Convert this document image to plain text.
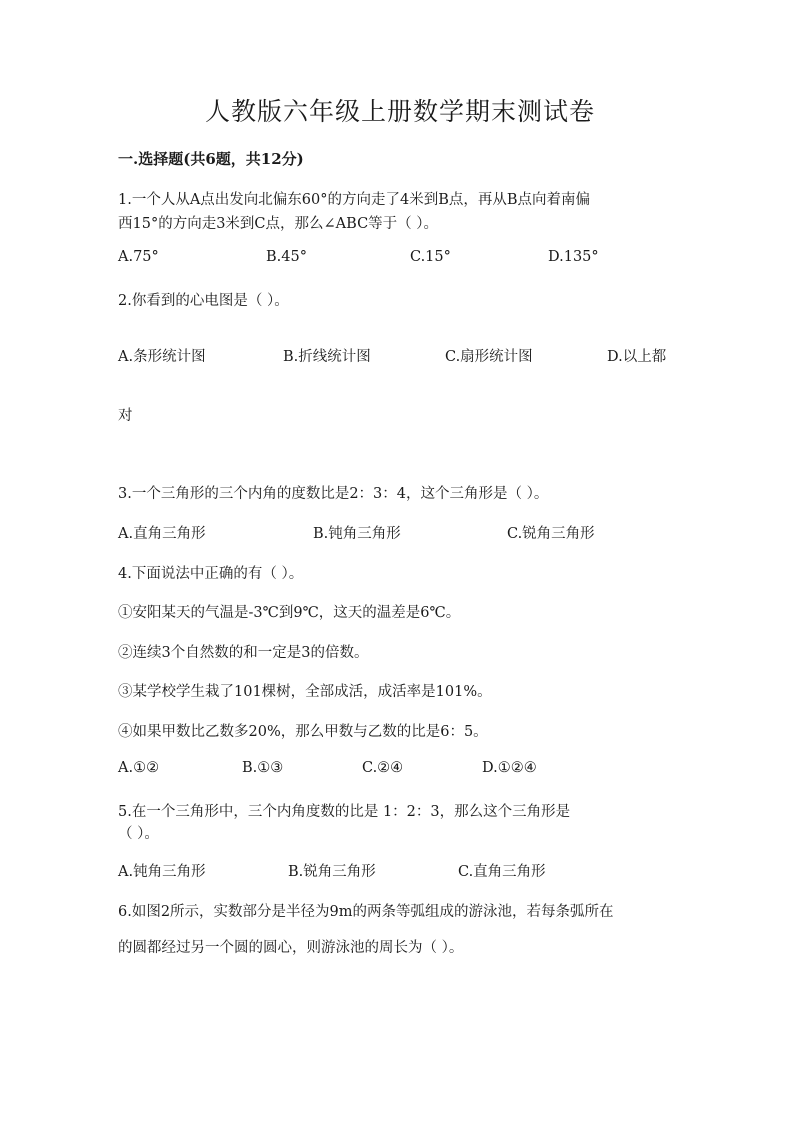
人教版六年级上册数学期末测试卷
一.选择题(共6题，共12分)
1.一个人从A点出发向北偏东60°的方向走了4米到B点，再从B点向着南偏
西15°的方向走3米到C点，那么∠ABC等于（ ）。
A.75°	B.45°	C.15°	D.135°
2.你看到的心电图是（ ）。
A.条形统计图	B.折线统计图	C.扇形统计图	D.以上都
对
3.一个三角形的三个内角的度数比是2：3：4，这个三角形是（ ）。
A.直角三角形	B.钝角三角形	C.锐角三角形
4.下面说法中正确的有（ ）。
①安阳某天的气温是-3℃到9℃，这天的温差是6℃。
②连续3个自然数的和一定是3的倍数。
③某学校学生栽了101棵树，全部成活，成活率是101%。
④如果甲数比乙数多20%，那么甲数与乙数的比是6：5。
A.①②	B.①③	C.②④	D.①②④
5.在一个三角形中，三个内角度数的比是 1：2：3，那么这个三角形是
（ ）。
A.钝角三角形	B.锐角三角形	C.直角三角形
6.如图2所示，实数部分是半径为9m的两条等弧组成的游泳池，若每条弧所在
的圆都经过另一个圆的圆心，则游泳池的周长为（ ）。
